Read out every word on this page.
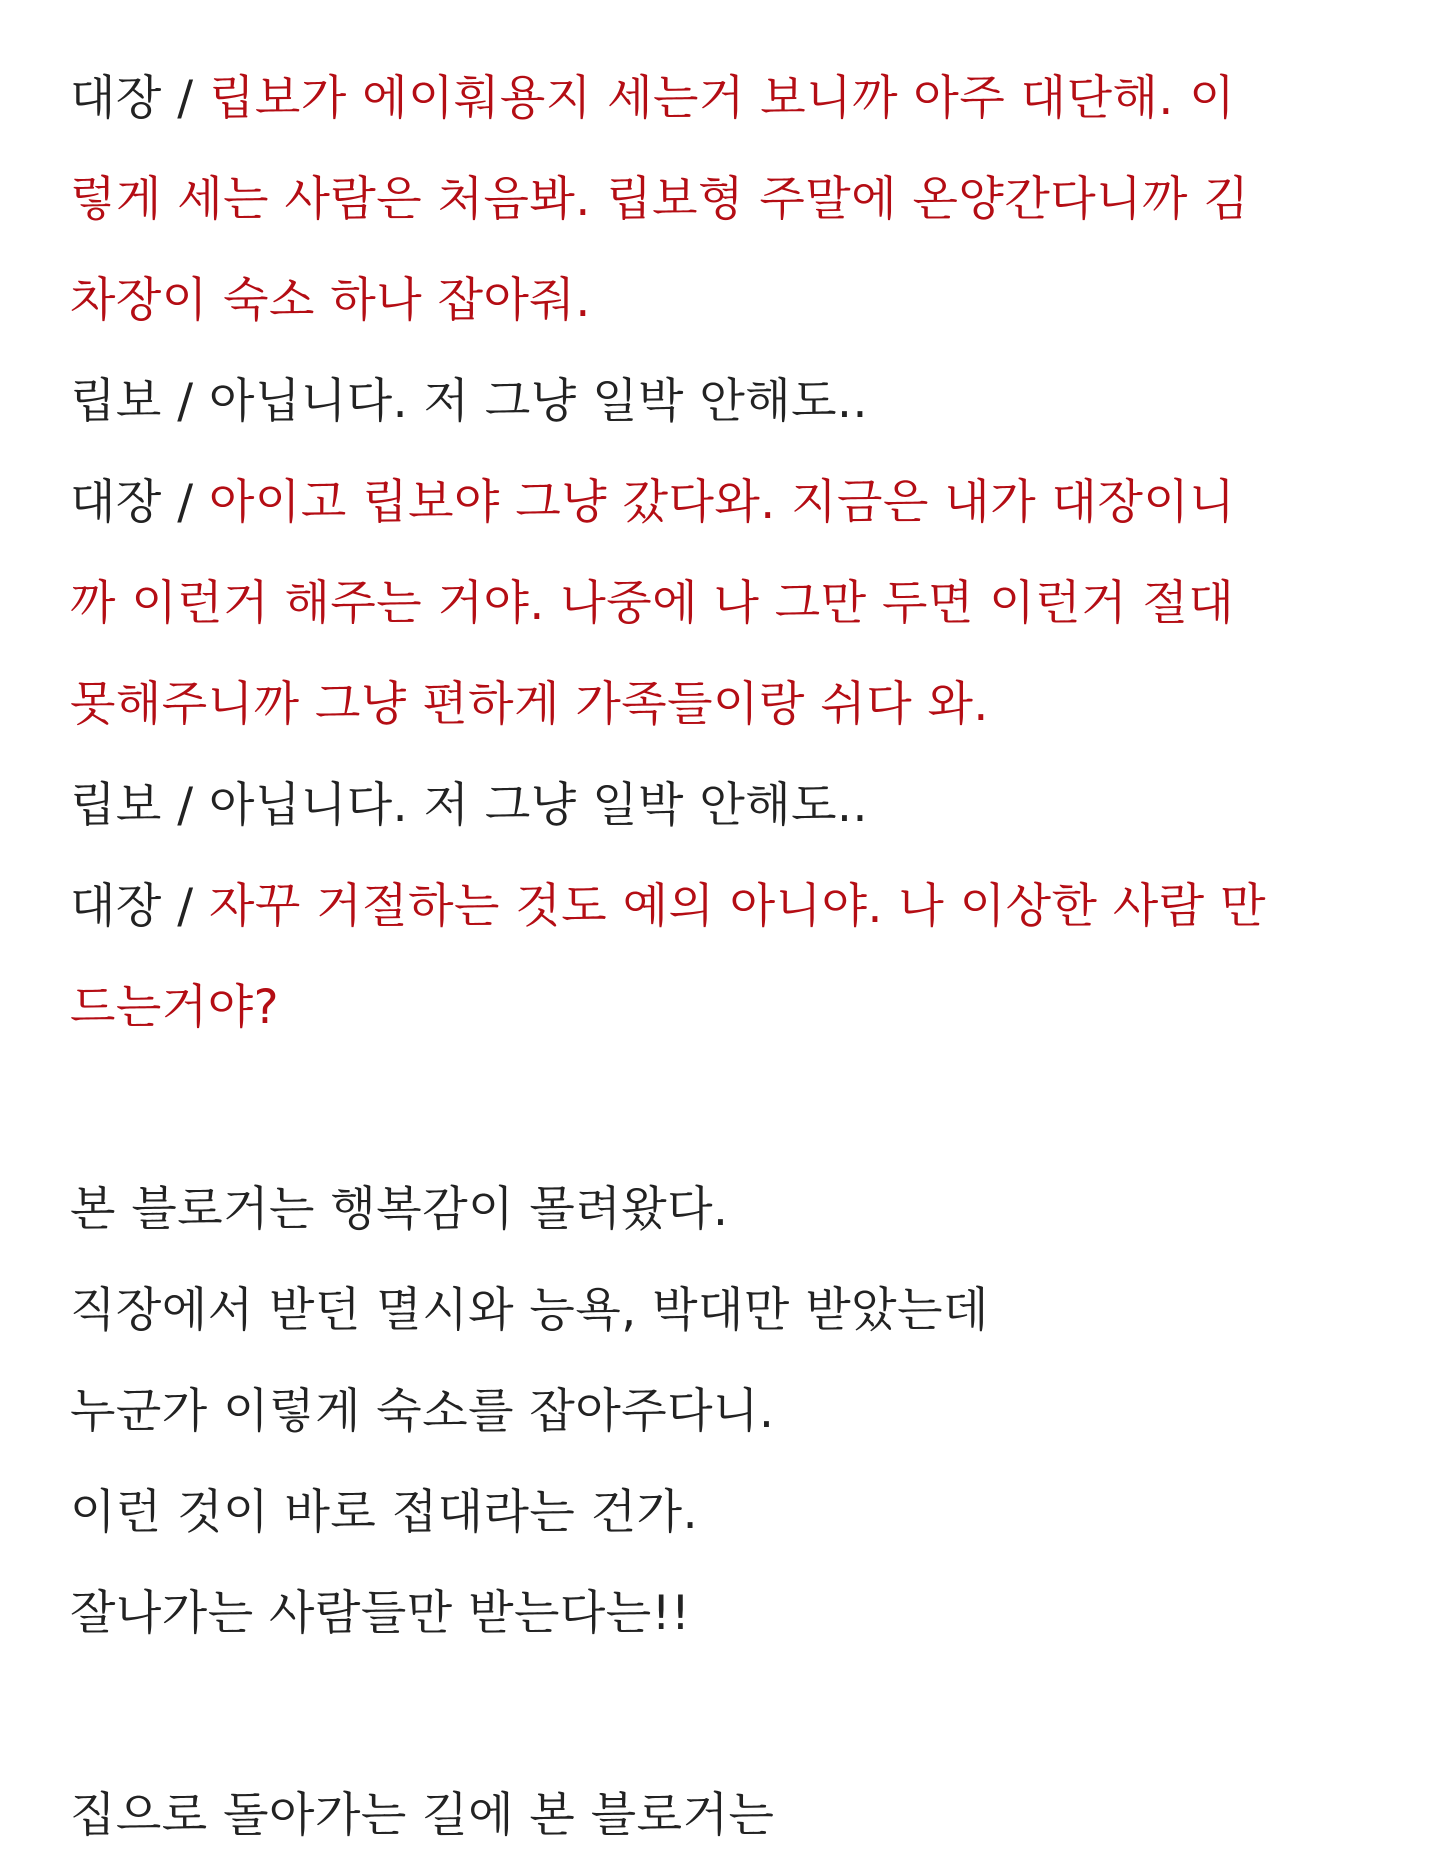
대장 / 립보가 에이훠용지 세는거 보니까 아주 대단해. 이
렇게 세는 사람은 처음봐. 립보형 주말에 온양간다니까 김
차장이 숙소 하나 잡아줘.
립보 / 아닙니다. 저 그냥 일박 안해도..
대장 / 아이고 립보야 그냥 갔다와. 지금은 내가 대장이니
까 이런거 해주는 거야. 나중에 나 그만 두면 이런거 절대
못해주니까 그냥 편하게 가족들이랑 쉬다 와.
립보 / 아닙니다. 저 그냥 일박 안해도..
대장 / 자꾸 거절하는 것도 예의 아니야. 나 이상한 사람 만
드는거야?
본 블로거는 행복감이 몰려왔다.
직장에서 받던 멸시와 능욕, 박대만 받았는데
누군가 이렇게 숙소를 잡아주다니.
이런 것이 바로 접대라는 건가.
잘나가는 사람들만 받는다는!!
집으로 돌아가는 길에 본 블로거는
